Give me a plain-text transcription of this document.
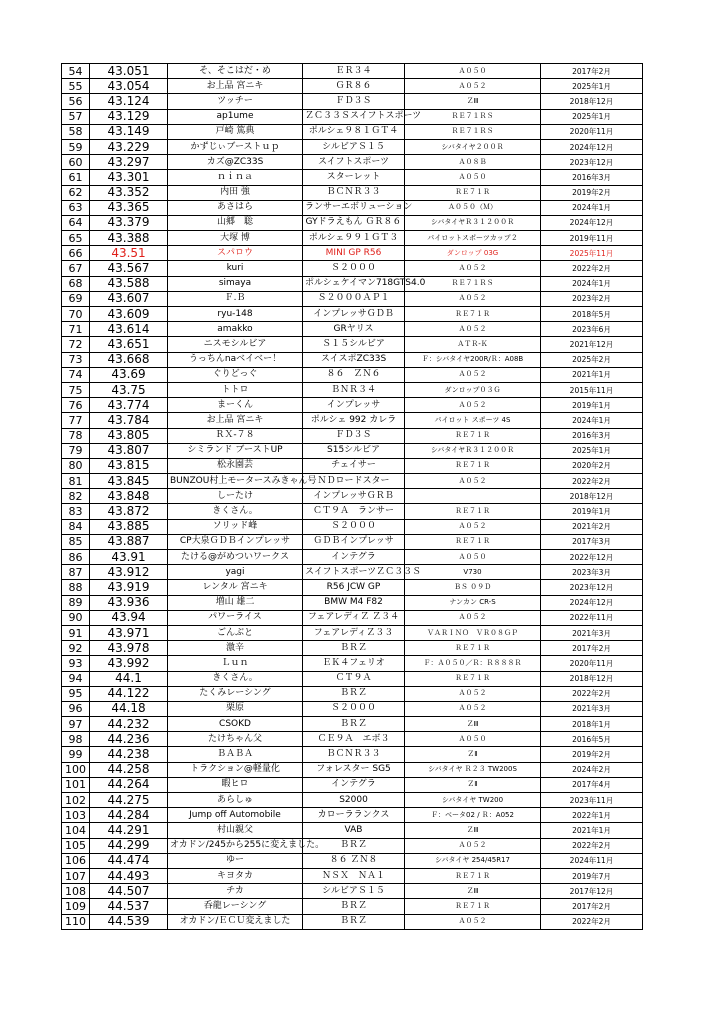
54	43.051	そ、そこはだ・め	ＥＲ３４	Ａ０５０	2017年2月
55	43.054	お上品 宮ニキ	ＧＲ８６	Ａ０５２	2025年1月
56	43.124	ツッチー	ＦＤ３Ｓ	ＺⅢ	2018年12月
57	43.129	ap1ume	ＺＣ３３Ｓスイフトスポーツ	ＲＥ７１ＲＳ	2025年1月
58	43.149	戸崎 篤典	ポルシェ９８１ＧＴ４	ＲＥ７１ＲＳ	2020年11月
59	43.229	かずじぃブーストｕｐ	シルビアＳ１５	シバタイヤ２００Ｒ	2024年12月
60	43.297	カズ@ZC33S	スイフトスポーツ	Ａ０８Ｂ	2023年12月
61	43.301	ｎｉｎａ	スターレット	Ａ０５０	2016年3月
62	43.352	内田 強	ＢＣＮＲ３３	ＲＥ７１Ｒ	2019年2月
63	43.365	あさはら	ランサーエボリューション	Ａ０５０（Ｍ）	2024年1月
64	43.379	山郷　聡	GYドラえもん ＧＲ８６	シバタイヤＲ３１２００Ｒ	2024年12月
65	43.388	大塚 博	ポルシェ９９１ＧＴ３	パイロットスポーツカップ２	2019年11月
66	43.51	スパロウ	MINI GP R56	ダンロップ 03G	2025年11月
67	43.567	kuri	Ｓ２０００	Ａ０５２	2022年2月
68	43.588	simaya	ポルシェケイマン718GTS4.0	ＲＥ７１ＲＳ	2024年1月
69	43.607	Ｆ.Ｂ	Ｓ２０００ＡＰ１	Ａ０５２	2023年2月
70	43.609	ryu-148	インプレッサＧＤＢ	ＲＥ７１Ｒ	2018年5月
71	43.614	amakko	GRヤリス	Ａ０５２	2023年6月
72	43.651	ニスモシルビア	Ｓ１５シルビア	ＡＴＲ-Ｋ	2021年12月
73	43.668	うっちんnaベイベー！	スイスポZC33S	Ｆ：シバタイヤ200R/Ｒ：A08B	2025年2月
74	43.69	ぐりどっぐ	８６　ＺＮ６	Ａ０５２	2021年1月
75	43.75	トトロ	ＢＮＲ３４	ダンロップ０３Ｇ	2015年11月
76	43.774	まーくん	インプレッサ	Ａ０５２	2019年1月
77	43.784	お上品 宮ニキ	ポルシェ 992 カレラ	パイロット スポーツ 4S	2024年1月
78	43.805	ＲＸ-７８	ＦＤ３Ｓ	ＲＥ７１Ｒ	2016年3月
79	43.807	シミランド ブーストUP	S15シルビア	シバタイヤＲ３１２００Ｒ	2025年1月
80	43.815	松永園芸	チェイサー	ＲＥ７１Ｒ	2020年2月
81	43.845	BUNZOU村上モータースみきゃん号	ＮＤロードスター	Ａ０５２	2022年2月
82	43.848	しーたけ	インプレッサＧＲＢ		2018年12月
83	43.872	きくさん。	ＣＴ９Ａ　ランサー	ＲＥ７１Ｒ	2019年1月
84	43.885	ソリッド峰	Ｓ２０００	Ａ０５２	2021年2月
85	43.887	CP大泉ＧＤＢインプレッサ	ＧＤＢインプレッサ	ＲＥ７１Ｒ	2017年3月
86	43.91	たける@がめついワークス	インテグラ	Ａ０５０	2022年12月
87	43.912	yagi	スイフトスポーツＺＣ３３Ｓ	V730	2023年3月
88	43.919	レンタル 宮ニキ	R56 JCW GP	ＢＳ ０９Ｄ	2023年12月
89	43.936	増山 雄二	BMW M4 F82	ナンカン CR-S	2024年12月
90	43.94	パワーライス	フェアレディＺ Ｚ３４	Ａ０５２	2022年11月
91	43.971	ごんぶと	フェアレディＺ３３	ＶＡＲＩＮＯ　ＶＲ０８ＧＰ	2021年3月
92	43.978	激辛	ＢＲＺ	ＲＥ７１Ｒ	2017年2月
93	43.992	Ｌｕｎ	ＥＫ４フェリオ	Ｆ：Ａ０５０／Ｒ：Ｒ８８８Ｒ	2020年11月
94	44.1	きくさん。	ＣＴ９Ａ	ＲＥ７１Ｒ	2018年12月
95	44.122	たくみレーシング	ＢＲＺ	Ａ０５２	2022年2月
96	44.18	栗原	Ｓ２０００	Ａ０５２	2021年3月
97	44.232	CSOKD	ＢＲＺ	ＺⅢ	2018年1月
98	44.236	たけちゃん父	ＣＥ９Ａ　エボ３	Ａ０５０	2016年5月
99	44.238	ＢＡＢＡ	ＢＣＮＲ３３	ＺⅡ	2019年2月
100	44.258	トラクション@軽量化	フォレスター SG5	シバタイヤ Ｒ２３ TW200S	2024年2月
101	44.264	暇ヒロ	インテグラ	ＺⅡ	2017年4月
102	44.275	あらしゅ	S2000	シバタイヤ TW200	2023年11月
103	44.284	Jump off Automobile	カローラランクス	Ｆ：ベータ02 / Ｒ：A052	2022年1月
104	44.291	村山親父	VAB	ＺⅢ	2021年1月
105	44.299	オカドン/245から255に変えました。	ＢＲＺ	Ａ０５２	2022年2月
106	44.474	ゆー	８６ ＺＮ８	シバタイヤ 254/45R17	2024年11月
107	44.493	キヨタカ	ＮＳＸ　ＮＡ１	ＲＥ７１Ｒ	2019年7月
108	44.507	チカ	シルビアＳ１５	ＺⅢ	2017年12月
109	44.537	呑龍レーシング	ＢＲＺ	ＲＥ７１Ｒ	2017年2月
110	44.539	オカドン/ＥＣＵ変えました	ＢＲＺ	Ａ０５２	2022年2月
